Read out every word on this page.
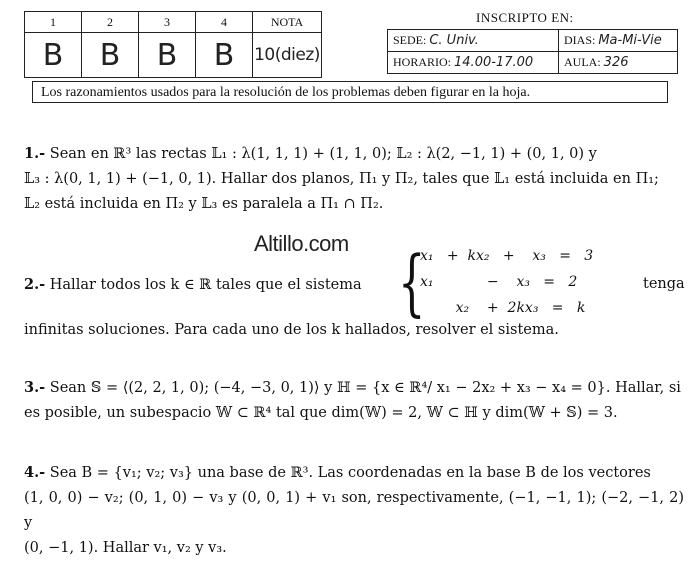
1	2	3	4	NOTA
B	B	B	B	10(diez)
INSCRIPTO EN:
SEDE: C. Univ.	DIAS: Ma-Mi-Vie
HORARIO: 14.00-17.00	AULA: 326
Los razonamientos usados para la resolución de los problemas deben figurar en la hoja.
1.- Sean en ℝ³ las rectas 𝕃₁ : λ(1, 1, 1) + (1, 1, 0); 𝕃₂ : λ(2, −1, 1) + (0, 1, 0) y
𝕃₃ : λ(0, 1, 1) + (−1, 0, 1). Hallar dos planos, Π₁ y Π₂, tales que 𝕃₁ está incluida en Π₁;
𝕃₂ está incluida en Π₂ y 𝕃₃ es paralela a Π₁ ∩ Π₂.
Altillo.com
2.- Hallar todos los k ∈ ℝ tales que el sistema {
x₁   +  kx₂   +    x₃   =   3
x₁            −    x₃   =   2
x₂    +  2kx₃   =   k
tenga
infinitas soluciones. Para cada uno de los k hallados, resolver el sistema.
3.- Sean 𝕊 = ⟨(2, 2, 1, 0); (−4, −3, 0, 1)⟩ y ℍ = {x ∈ ℝ⁴/ x₁ − 2x₂ + x₃ − x₄ = 0}. Hallar, si
es posible, un subespacio 𝕎 ⊂ ℝ⁴ tal que dim(𝕎) = 2, 𝕎 ⊂ ℍ y dim(𝕎 + 𝕊) = 3.
4.- Sea B = {v₁; v₂; v₃} una base de ℝ³. Las coordenadas en la base B de los vectores
(1, 0, 0) − v₂; (0, 1, 0) − v₃ y (0, 0, 1) + v₁ son, respectivamente, (−1, −1, 1); (−2, −1, 2) y
(0, −1, 1). Hallar v₁, v₂ y v₃.
